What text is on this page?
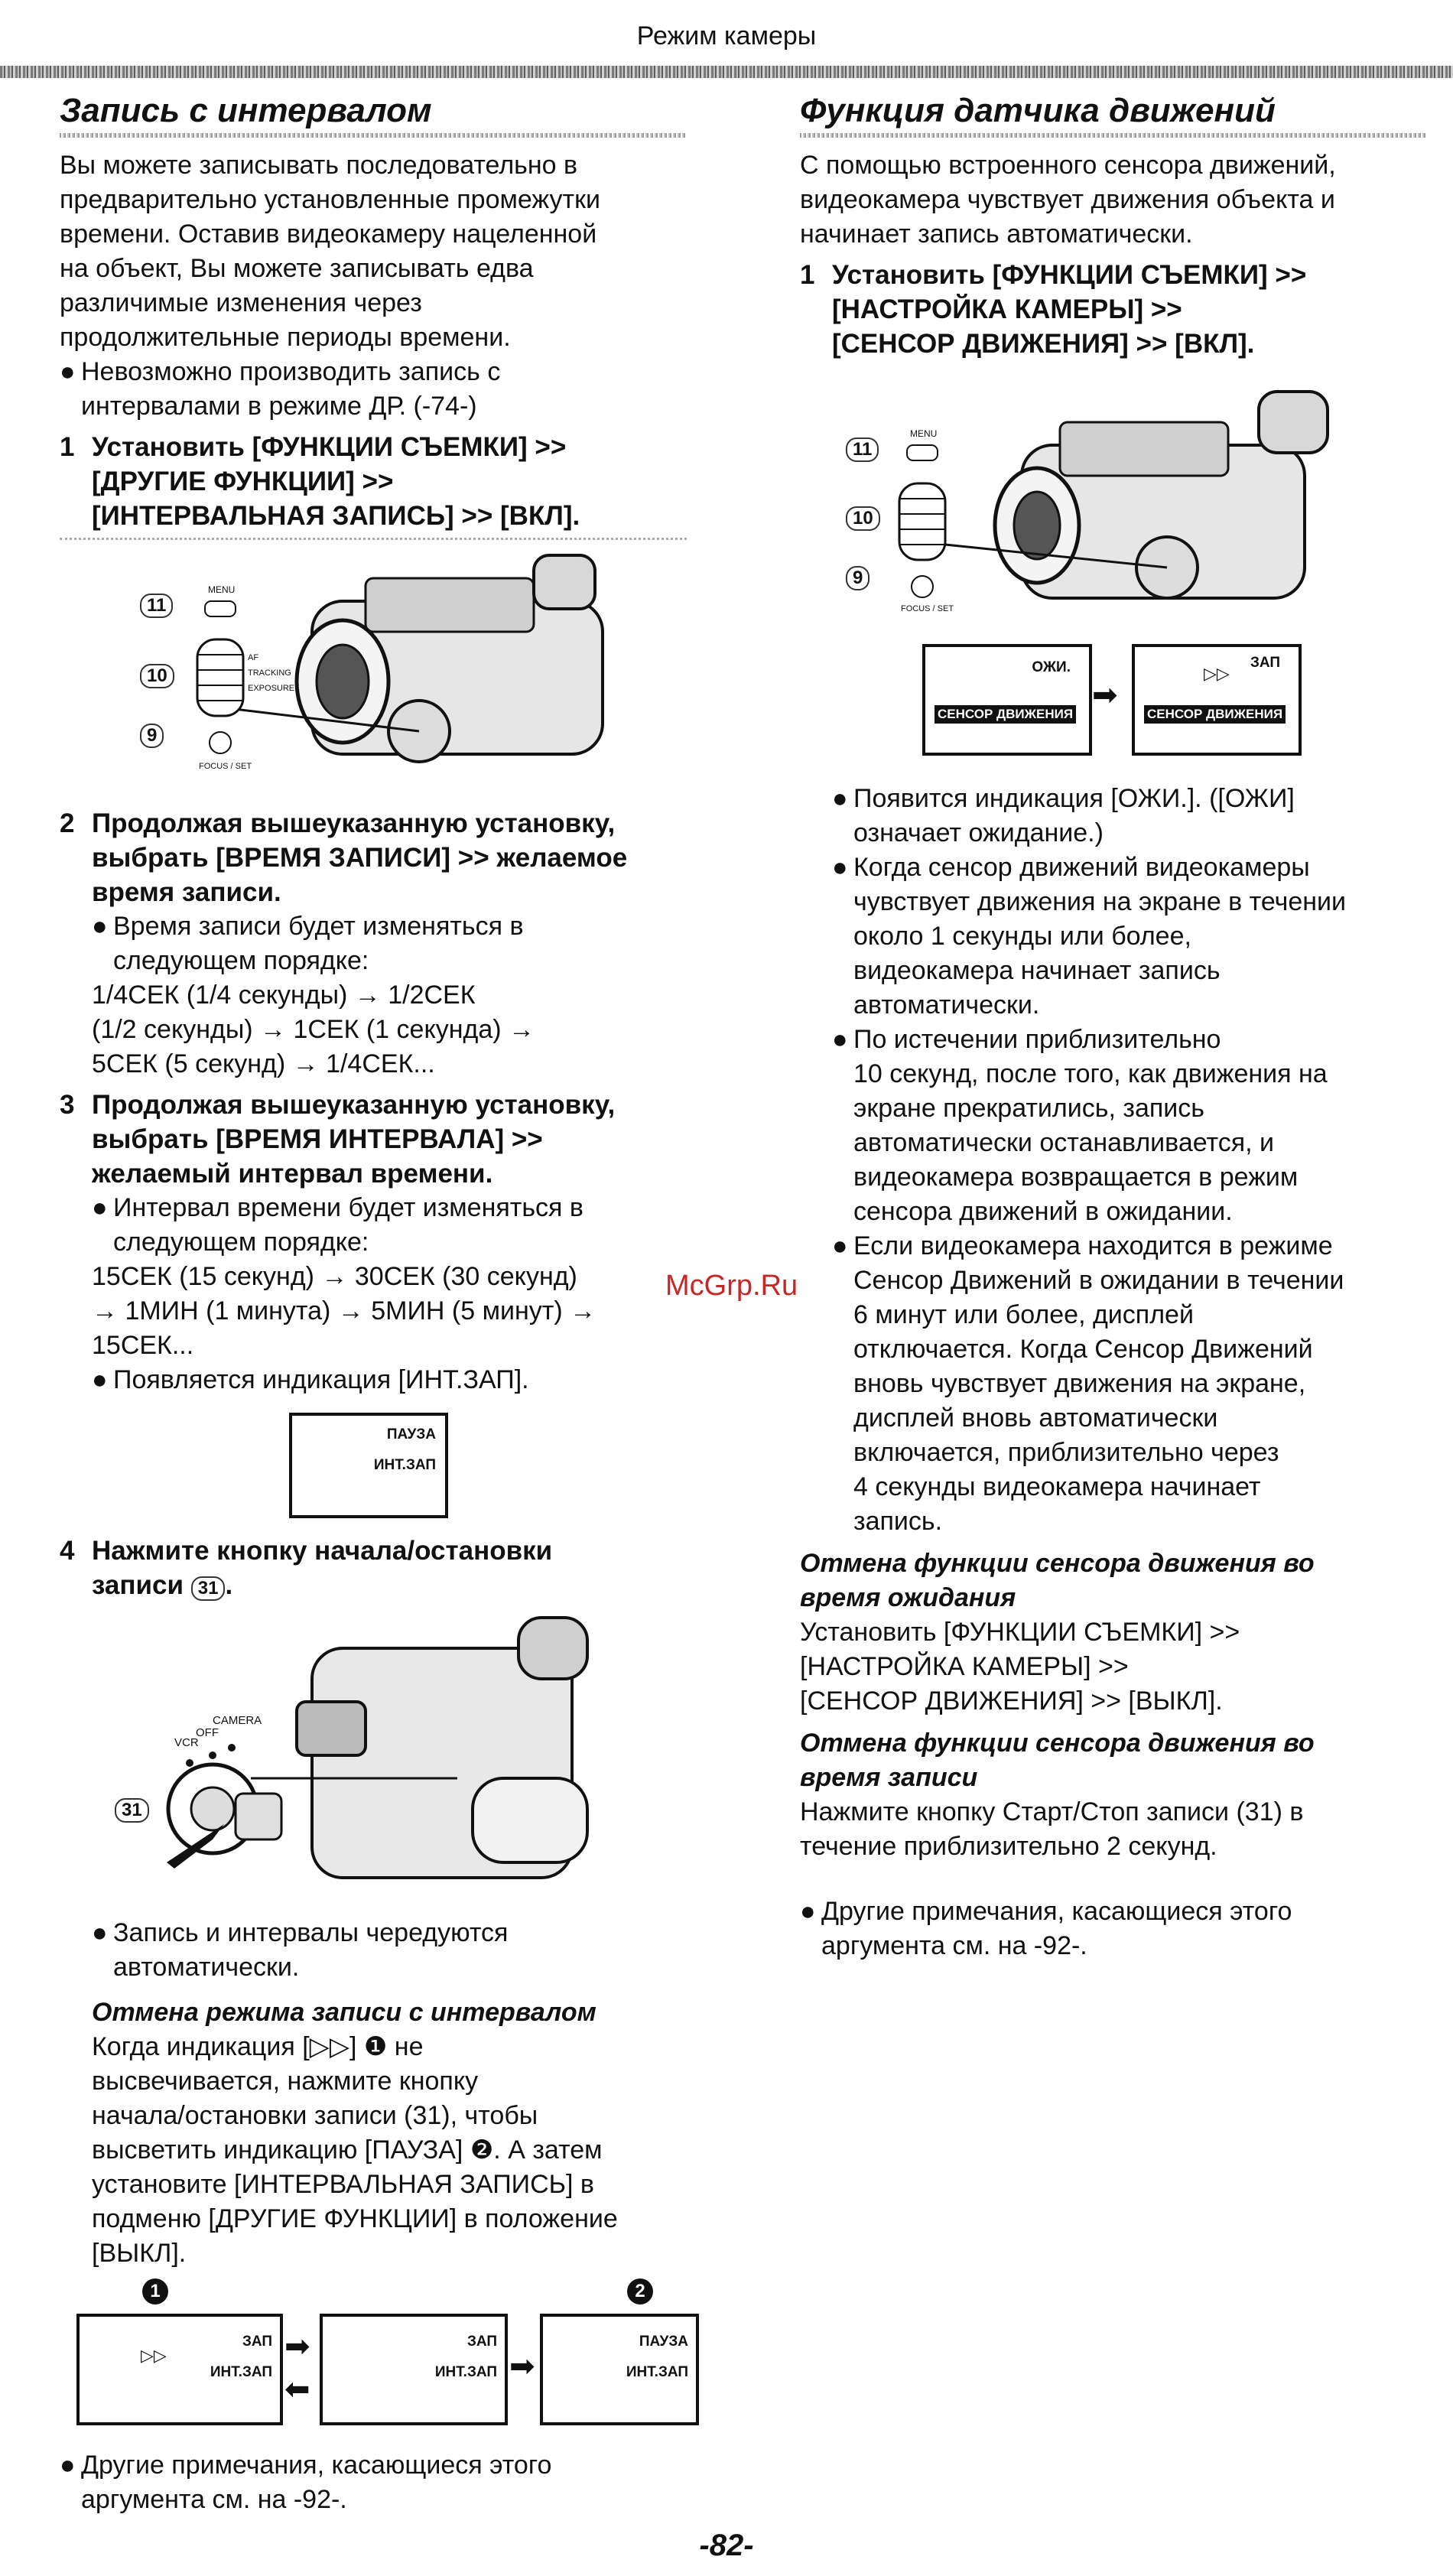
Режим камеры
Запись с интервалом

Вы можете записывать последовательно в

предварительно установленные промежутки

времени. Оставив видеокамеру нацеленной

на объект, Вы можете записывать едва

различимые изменения через

продолжительные периоды времени.

● Невозможно производить запись с
интервалами в режиме ДР. (-74-)
1 Установить [ФУНКЦИИ СЪЕМКИ] >>
[ДРУГИЕ ФУНКЦИИ] >>
[ИНТЕРВАЛЬНАЯ ЗАПИСЬ] >> [ВКЛ].
11
10
9
MENU
FOCUS / SET
AF
TRACKING
EXPOSURE
2 Продолжая вышеуказанную установку,
выбрать [ВРЕМЯ ЗАПИСИ] >> желаемое
время записи.
● Время записи будет изменяться в
следующем порядке:
1/4СЕК (1/4 секунды) → 1/2СЕК
(1/2 секунды) → 1СЕК (1 секунда) →
5СЕК (5 секунд) → 1/4СЕК...
3 Продолжая вышеуказанную установку,
выбрать [ВРЕМЯ ИНТЕРВАЛА] >>
желаемый интервал времени.
● Интервал времени будет изменяться в
следующем порядке:
15СЕК (15 секунд) → 30СЕК (30 секунд)
→ 1МИН (1 минута) → 5МИН (5 минут) →
15СЕК...
● Появляется индикация [ИНТ.ЗАП].
ПАУЗА
ИНТ.ЗАП
4 Нажмите кнопку начала/остановки
записи 31 .
VCR
OFF
CAMERA
31
● Запись и интервалы чередуются
автоматически.
Отмена режима записи с интервалом
Когда индикация [▷▷] ❶ не
высвечивается, нажмите кнопку
начала/остановки записи (31), чтобы
высветить индикацию [ПАУЗА] ❷. А затем
установите [ИНТЕРВАЛЬНАЯ ЗАПИСЬ] в
подменю [ДРУГИЕ ФУНКЦИИ] в положение
[ВЫКЛ].
1	2
▷▷
ЗАП
ИНТ.ЗАП
➡
⬅
ЗАП
ИНТ.ЗАП ➡
ПАУЗА
ИНТ.ЗАП
● Другие примечания, касающиеся этого
аргумента см. на -92-.
Функция датчика движений

С помощью встроенного сенсора движений,

видеокамера чувствует движения объекта и

начинает запись автоматически.

1 Установить [ФУНКЦИИ СЪЕМКИ] >>
[НАСТРОЙКА КАМЕРЫ] >>
[СЕНСОР ДВИЖЕНИЯ] >> [ВКЛ].
11
10
9
MENU
FOCUS / SET
ОЖИ.
СЕНСОР ДВИЖЕНИЯ
➡
▷▷
ЗАП
СЕНСОР ДВИЖЕНИЯ
● Появится индикация [ОЖИ.]. ([ОЖИ]
означает ожидание.)
● Когда сенсор движений видеокамеры
чувствует движения на экране в течении
около 1 секунды или более,
видеокамера начинает запись
автоматически.
● По истечении приблизительно
10 секунд, после того, как движения на
экране прекратились, запись
автоматически останавливается, и
видеокамера возвращается в режим
сенсора движений в ожидании.
● Если видеокамера находится в режиме
Сенсор Движений в ожидании в течении
6 минут или более, дисплей
отключается. Когда Сенсор Движений
вновь чувствует движения на экране,
дисплей вновь автоматически
включается, приблизительно через
4 секунды видеокамера начинает
запись.
Отмена функции сенсора движения во
время ожидания
Установить [ФУНКЦИИ СЪЕМКИ] >>
[НАСТРОЙКА КАМЕРЫ] >>
[СЕНСОР ДВИЖЕНИЯ] >> [ВЫКЛ].
Отмена функции сенсора движения во
время записи
Нажмите кнопку Старт/Стоп записи (31) в
течение приблизительно 2 секунд.
● Другие примечания, касающиеся этого
аргумента см. на -92-.
McGrp.Ru
-82-
